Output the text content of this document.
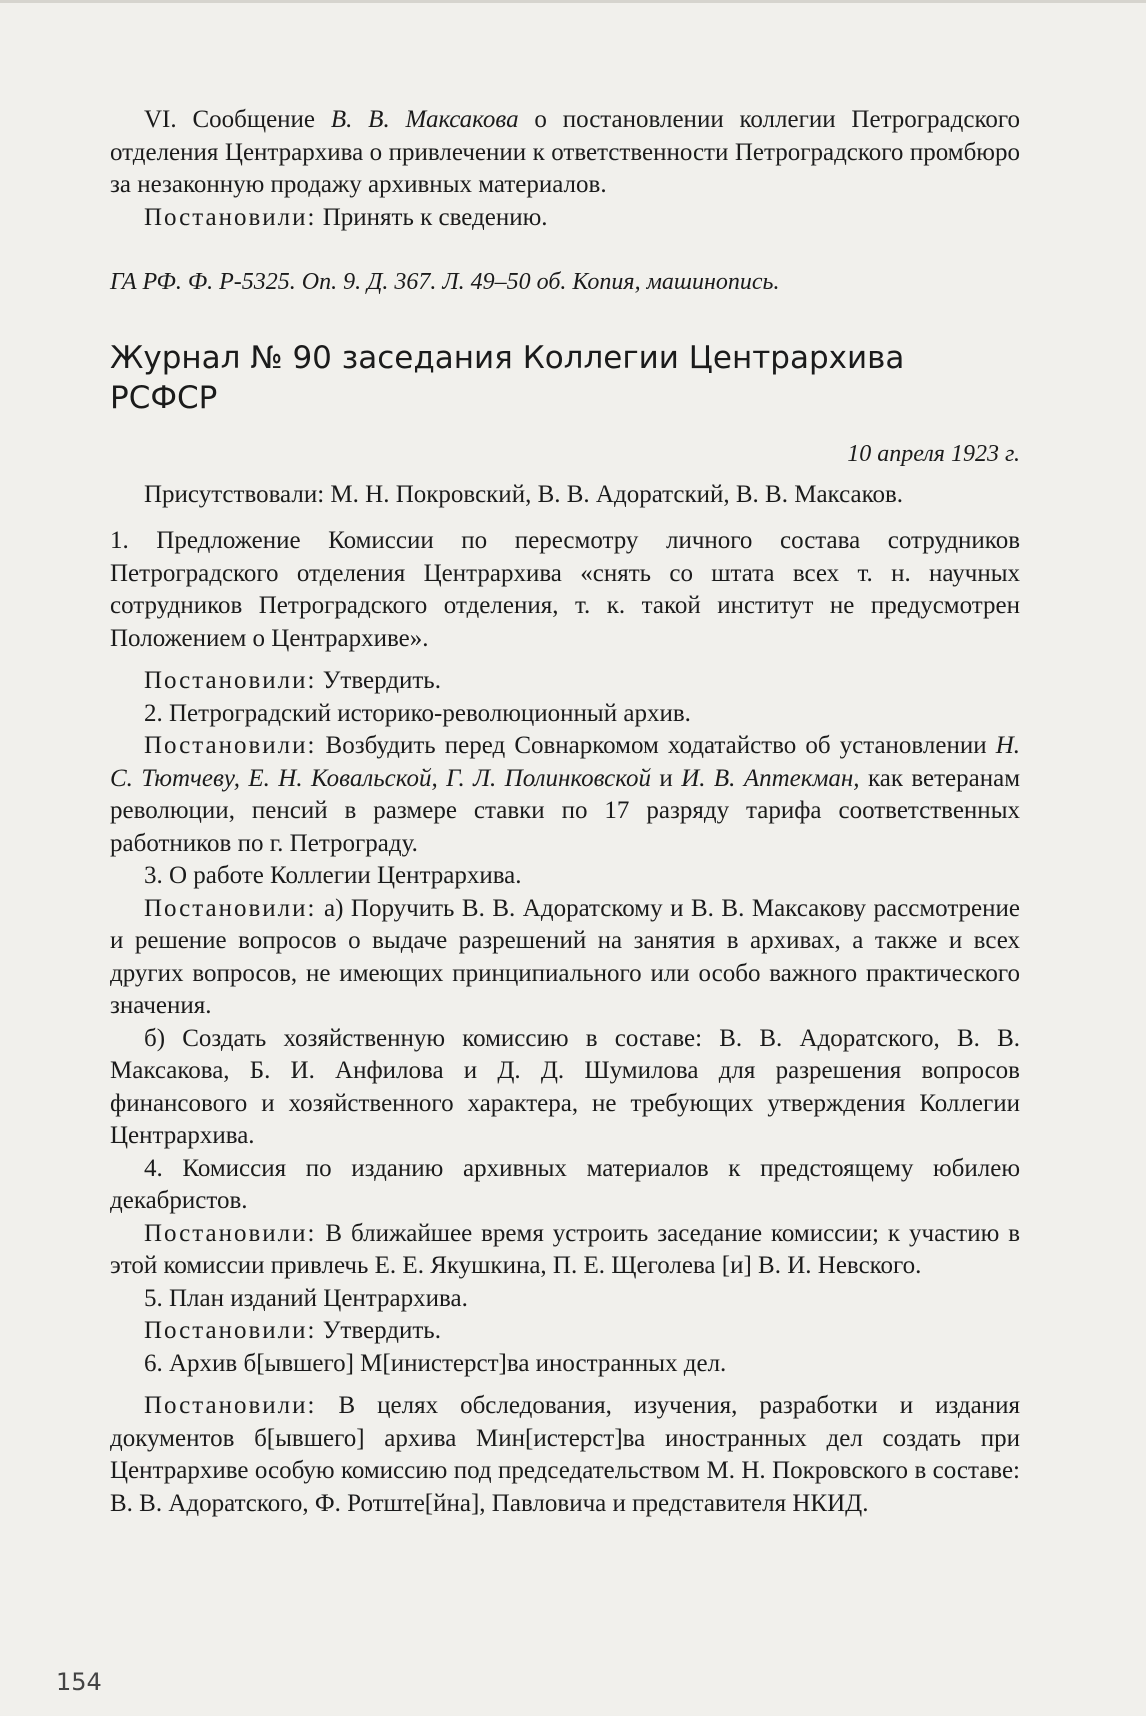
VI. Сообщение В. В. Максакова о постановлении коллегии Петроградского отделения Центрархива о привлечении к ответственности Петроградского промбюро за незаконную продажу архивных материалов.

Постановили: Принять к сведению.

ГА РФ. Ф. Р-5325. Оп. 9. Д. 367. Л. 49–50 об. Копия, машинопись.

Журнал № 90 заседания Коллегии Центрархива РСФСР

10 апреля 1923 г.

Присутствовали: М. Н. Покровский, В. В. Адоратский, В. В. Максаков.

1. Предложение Комиссии по пересмотру личного состава сотрудников Петроградского отделения Центрархива «снять со штата всех т. н. научных сотрудников Петроградского отделения, т. к. такой институт не предусмотрен Положением о Центрархиве».

Постановили: Утвердить.

2. Петроградский историко-революционный архив.

Постановили: Возбудить перед Совнаркомом ходатайство об установлении Н. С. Тютчеву, Е. Н. Ковальской, Г. Л. Полинковской и И. В. Аптекман, как ветеранам революции, пенсий в размере ставки по 17 разряду тарифа соответственных работников по г. Петрограду.

3. О работе Коллегии Центрархива.

Постановили: а) Поручить В. В. Адоратскому и В. В. Максакову рассмотрение и решение вопросов о выдаче разрешений на занятия в архивах, а также и всех других вопросов, не имеющих принципиального или особо важного практического значения.

б) Создать хозяйственную комиссию в составе: В. В. Адоратского, В. В. Максакова, Б. И. Анфилова и Д. Д. Шумилова для разрешения вопросов финансового и хозяйственного характера, не требующих утверждения Коллегии Центрархива.

4. Комиссия по изданию архивных материалов к предстоящему юбилею декабристов.

Постановили: В ближайшее время устроить заседание комиссии; к участию в этой комиссии привлечь Е. Е. Якушкина, П. Е. Щеголева [и] В. И. Невского.

5. План изданий Центрархива.

Постановили: Утвердить.

6. Архив б[ывшего] М[инистерст]ва иностранных дел.

Постановили: В целях обследования, изучения, разработки и издания документов б[ывшего] архива Мин[истерст]ва иностранных дел создать при Центрархиве особую комиссию под председательством М. Н. Покровского в составе: В. В. Адоратского, Ф. Ротште[йна], Павловича и представителя НКИД.

154
